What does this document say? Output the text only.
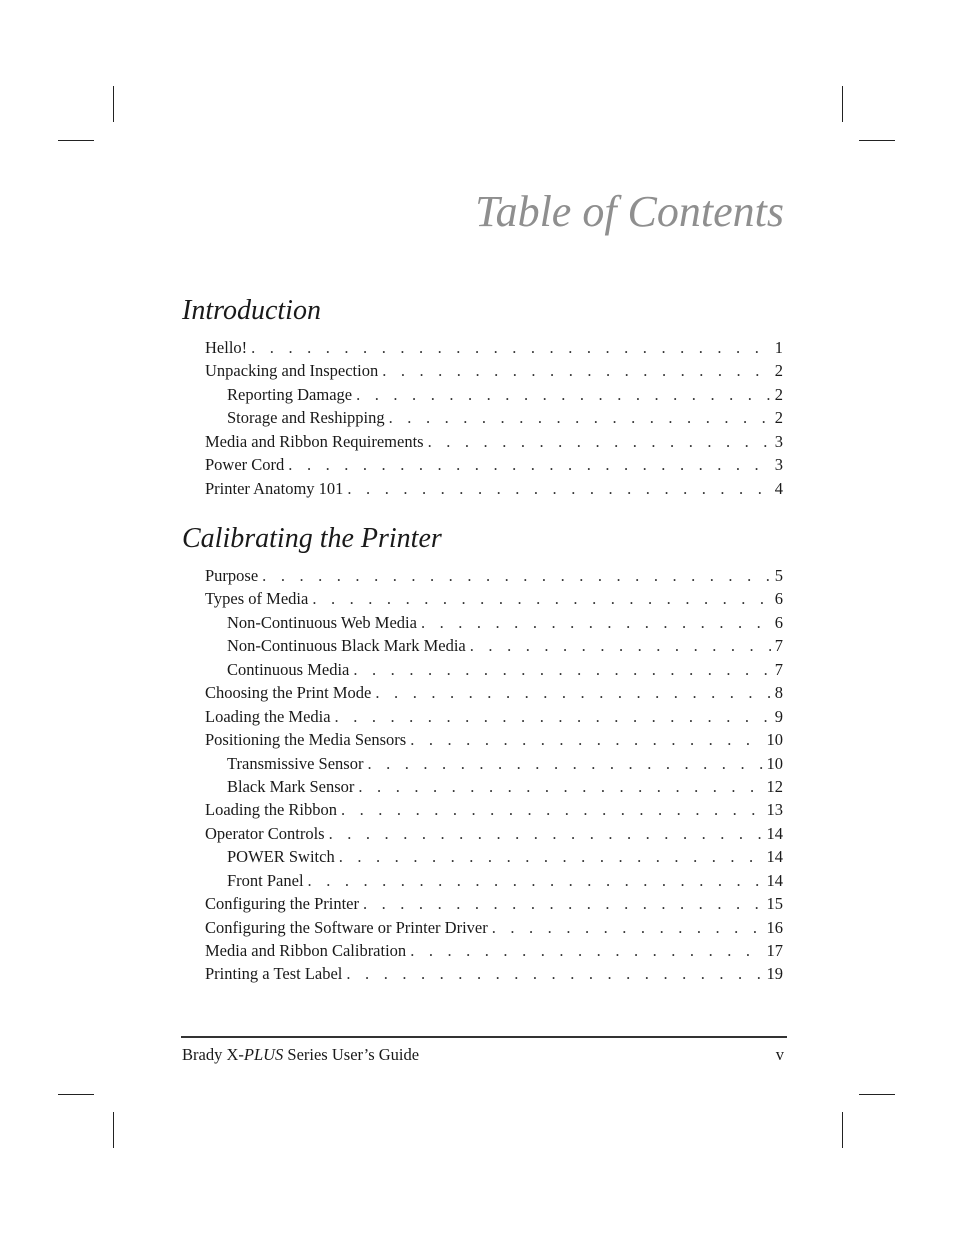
Table of Contents
Introduction
Hello! . . .	1
Unpacking and Inspection . . .	2
Reporting Damage . . .	2
Storage and Reshipping . . .	2
Media and Ribbon Requirements . . .	3
Power Cord . . .	3
Printer Anatomy 101 . . .	4
Calibrating the Printer
Purpose . . .	5
Types of Media . . .	6
Non-Continuous Web Media . . .	6
Non-Continuous Black Mark Media . . .	7
Continuous Media . . .	7
Choosing the Print Mode . . .	8
Loading the Media . . .	9
Positioning the Media Sensors . . .	10
Transmissive Sensor . . .	10
Black Mark Sensor . . .	12
Loading the Ribbon . . .	13
Operator Controls . . .	14
POWER Switch . . .	14
Front Panel . . .	14
Configuring the Printer . . .	15
Configuring the Software or Printer Driver . . .	16
Media and Ribbon Calibration . . .	17
Printing a Test Label . . .	19
Brady X-PLUS Series User’s Guide	v
